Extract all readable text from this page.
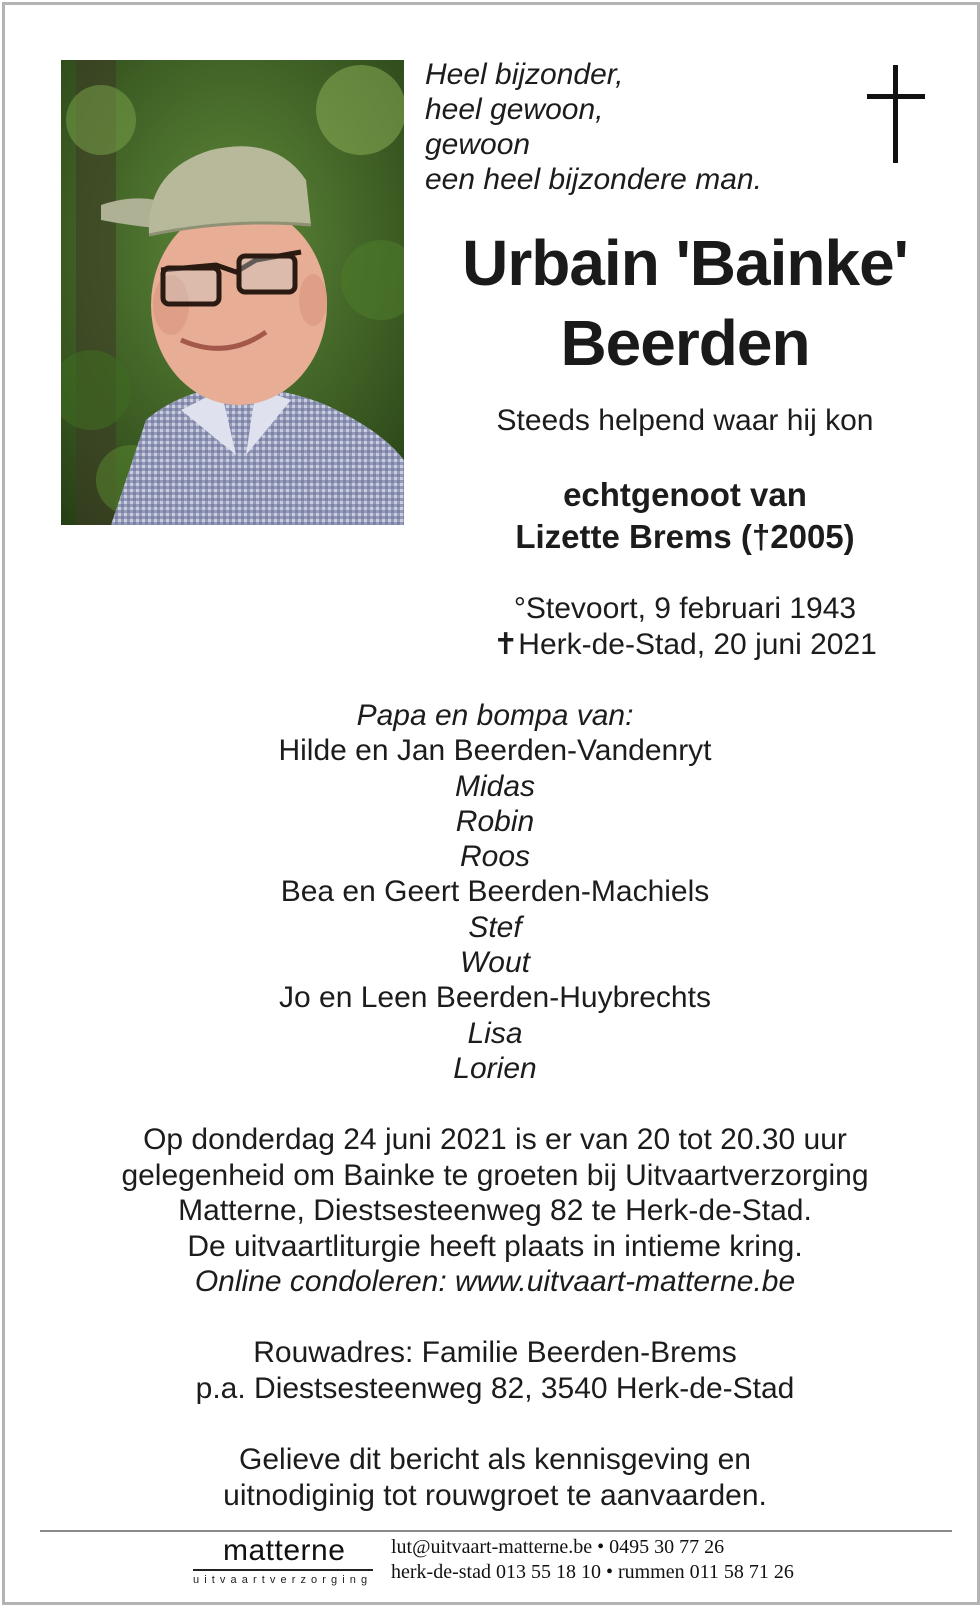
Heel bijzonder,
heel gewoon,
gewoon
een heel bijzondere man.
Urbain 'Bainke'
Beerden
Steeds helpend waar hij kon
echtgenoot van
Lizette Brems (†2005)
°Stevoort, 9 februari 1943
✝Herk-de-Stad, 20 juni 2021
Papa en bompa van:
Hilde en Jan Beerden-Vandenryt
Midas
Robin
Roos
Bea en Geert Beerden-Machiels
Stef
Wout
Jo en Leen Beerden-Huybrechts
Lisa
Lorien
Op donderdag 24 juni 2021 is er van 20 tot 20.30 uur
gelegenheid om Bainke te groeten bij Uitvaartverzorging
Matterne, Diestsesteenweg 82 te Herk-de-Stad.
De uitvaartliturgie heeft plaats in intieme kring.
Online condoleren: www.uitvaart-matterne.be
Rouwadres: Familie Beerden-Brems
p.a. Diestsesteenweg 82, 3540 Herk-de-Stad
Gelieve dit bericht als kennisgeving en
uitnodiginig tot rouwgroet te aanvaarden.
matterne
uitvaartverzorging
lut@uitvaart-matterne.be • 0495 30 77 26
herk-de-stad 013 55 18 10 • rummen 011 58 71 26
